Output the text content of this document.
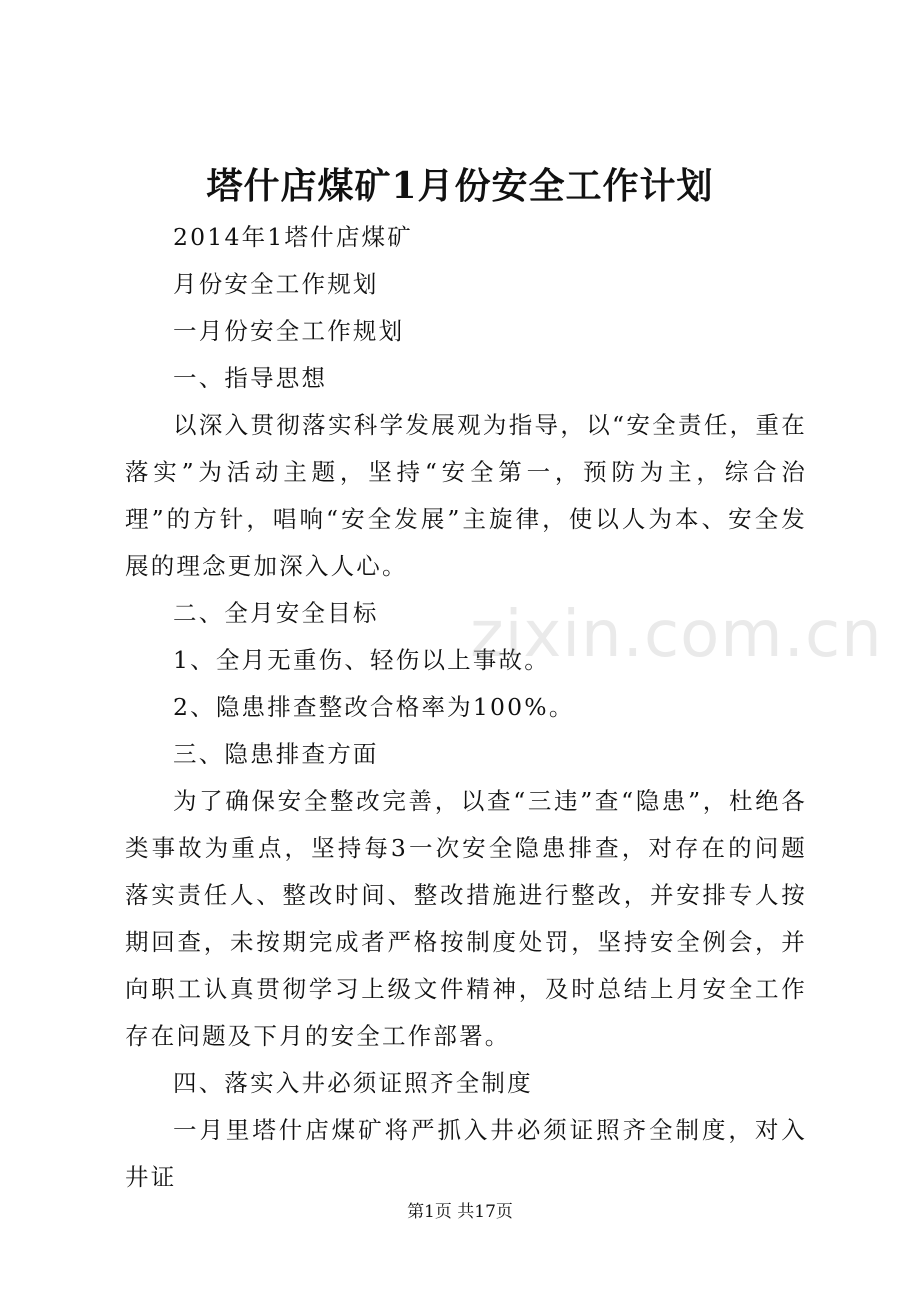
塔什店煤矿1月份安全工作计划

2014年1塔什店煤矿

月份安全工作规划

一月份安全工作规划

一、指导思想

以深入贯彻落实科学发展观为指导，以“安全责任，重在落实”为活动主题，坚持“安全第一，预防为主，综合治理”的方针，唱响“安全发展”主旋律，使以人为本、安全发展的理念更加深入人心。

二、全月安全目标

1、全月无重伤、轻伤以上事故。

2、隐患排查整改合格率为100%。

三、隐患排查方面

为了确保安全整改完善，以查“三违”查“隐患”，杜绝各类事故为重点，坚持每3一次安全隐患排查，对存在的问题落实责任人、整改时间、整改措施进行整改，并安排专人按期回查，未按期完成者严格按制度处罚，坚持安全例会，并向职工认真贯彻学习上级文件精神，及时总结上月安全工作存在问题及下月的安全工作部署。

四、落实入井必须证照齐全制度

一月里塔什店煤矿将严抓入井必须证照齐全制度，对入井证

zixin.com.cn
第1页 共17页
